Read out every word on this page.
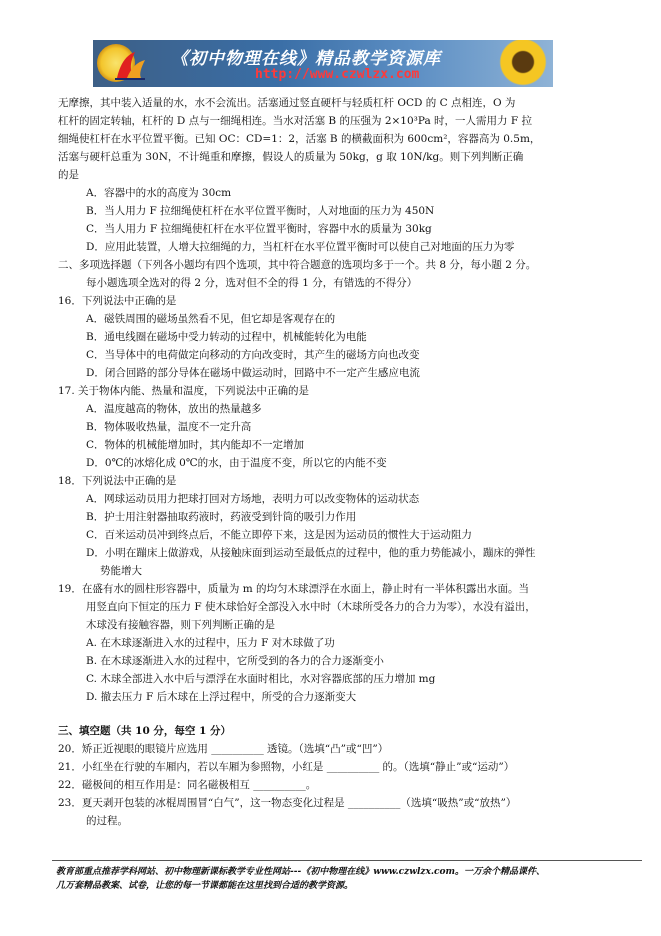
《初中物理在线》精品教学资源库
http://www.czwlzx.com
无摩擦，其中装入适量的水，水不会流出。活塞通过竖直硬杆与轻质杠杆 OCD 的 C 点相连，O 为
杠杆的固定转轴，杠杆的 D 点与一细绳相连。当水对活塞 B 的压强为 2×10³Pa 时，一人需用力 F 拉
细绳使杠杆在水平位置平衡。已知 OC：CD=1：2，活塞 B 的横截面积为 600cm²，容器高为 0.5m，
活塞与硬杆总重为 30N，不计绳重和摩擦，假设人的质量为 50kg，g 取 10N/kg。则下列判断正确
的是
A．容器中的水的高度为 30cm
B．当人用力 F 拉细绳使杠杆在水平位置平衡时，人对地面的压力为 450N
C．当人用力 F 拉细绳使杠杆在水平位置平衡时，容器中水的质量为 30kg
D．应用此装置，人增大拉细绳的力，当杠杆在水平位置平衡时可以使自己对地面的压力为零
二、多项选择题（下列各小题均有四个选项，其中符合题意的选项均多于一个。共 8 分，每小题 2 分。
每小题选项全选对的得 2 分，选对但不全的得 1 分，有错选的不得分）
16．下列说法中正确的是
A．磁铁周围的磁场虽然看不见，但它却是客观存在的
B．通电线圈在磁场中受力转动的过程中，机械能转化为电能
C．当导体中的电荷做定向移动的方向改变时，其产生的磁场方向也改变
D．闭合回路的部分导体在磁场中做运动时，回路中不一定产生感应电流
17. 关于物体内能、热量和温度，下列说法中正确的是
A．温度越高的物体，放出的热量越多
B．物体吸收热量，温度不一定升高
C．物体的机械能增加时，其内能却不一定增加
D．0℃的冰熔化成 0℃的水，由于温度不变，所以它的内能不变
18．下列说法中正确的是
A．网球运动员用力把球打回对方场地，表明力可以改变物体的运动状态
B．护士用注射器抽取药液时，药液受到针筒的吸引力作用
C．百米运动员冲到终点后，不能立即停下来，这是因为运动员的惯性大于运动阻力
D．小明在蹦床上做游戏，从接触床面到运动至最低点的过程中，他的重力势能减小，蹦床的弹性
势能增大
19．在盛有水的圆柱形容器中，质量为 m 的均匀木球漂浮在水面上，静止时有一半体积露出水面。当
用竖直向下恒定的压力 F 使木球恰好全部没入水中时（木球所受各力的合力为零），水没有溢出，
木球没有接触容器，则下列判断正确的是
A. 在木球逐渐进入水的过程中，压力 F 对木球做了功
B. 在木球逐渐进入水的过程中，它所受到的各力的合力逐渐变小
C. 木球全部进入水中后与漂浮在水面时相比，水对容器底部的压力增加 mg
D. 撤去压力 F 后木球在上浮过程中，所受的合力逐渐变大
三、填空题（共 10 分，每空 1 分）
20．矫正近视眼的眼镜片应选用 __________ 透镜。（选填“凸”或“凹”）
21．小红坐在行驶的车厢内，若以车厢为参照物，小红是 __________ 的。（选填“静止”或“运动”）
22．磁极间的相互作用是：同名磁极相互 __________。
23．夏天剥开包装的冰棍周围冒“白气”，这一物态变化过程是 __________（选填“吸热”或“放热”）
的过程。
教育部重点推荐学科网站、初中物理新课标教学专业性网站---《初中物理在线》www.czwlzx.com。一万余个精品课件、
几万套精品教案、试卷，让您的每一节课都能在这里找到合适的教学资源。
